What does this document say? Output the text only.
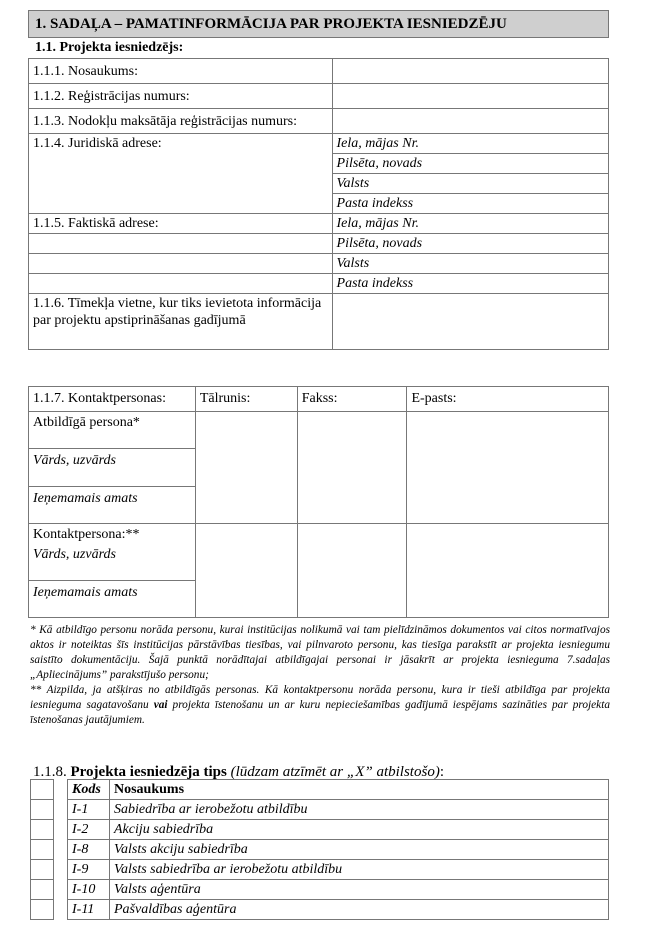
1. SADAĻA – PAMATINFORMĀCIJA PAR PROJEKTA IESNIEDZĒJU
1.1. Projekta iesniedzējs:
1.1.1. Nosaukums:	
1.1.2. Reģistrācijas numurs:	
1.1.3. Nodokļu maksātāja reģistrācijas numurs:	
1.1.4. Juridiskā adrese:	Iela, mājas Nr.
	Pilsēta, novads
	Valsts
	Pasta indekss
1.1.5. Faktiskā adrese:	Iela, mājas Nr.
	Pilsēta, novads
	Valsts
	Pasta indekss
1.1.6. Tīmekļa vietne, kur tiks ievietota informācija par projektu apstiprināšanas gadījumā	
1.1.7. Kontaktpersonas:	Tālrunis:	Fakss:	E-pasts:
Atbildīgā persona*			
Vārds, uzvārds			
Ieņemamais amats			
Kontaktpersona:**			
Vārds, uzvārds			
Ieņemamais amats			
* Kā atbildīgo personu norāda personu, kurai institūcijas nolikumā vai tam pielīdzināmos dokumentos vai citos normatīvajos aktos ir noteiktas šīs institūcijas pārstāvības tiesības, vai pilnvaroto personu, kas tiesīga parakstīt ar projekta iesniegumu saistīto dokumentāciju. Šajā punktā norādītajai atbildīgajai personai ir jāsakrīt ar projekta iesnieguma 7.sadaļas „Apliecinājums” parakstījušo personu;
** Aizpilda, ja atšķiras no atbildīgās personas. Kā kontaktpersonu norāda personu, kura ir tieši atbildīga par projekta iesnieguma sagatavošanu vai projekta īstenošanu un ar kuru nepieciešamības gadījumā iespējams sazināties par projekta īstenošanas jautājumiem.
1.1.8. Projekta iesniedzēja tips (lūdzam atzīmēt ar „X” atbilstošo):
Kods	Nosaukums
I-1	Sabiedrība ar ierobežotu atbildību
I-2	Akciju sabiedrība
I-8	Valsts akciju sabiedrība
I-9	Valsts sabiedrība ar ierobežotu atbildību
I-10	Valsts aģentūra
I-11	Pašvaldības aģentūra
